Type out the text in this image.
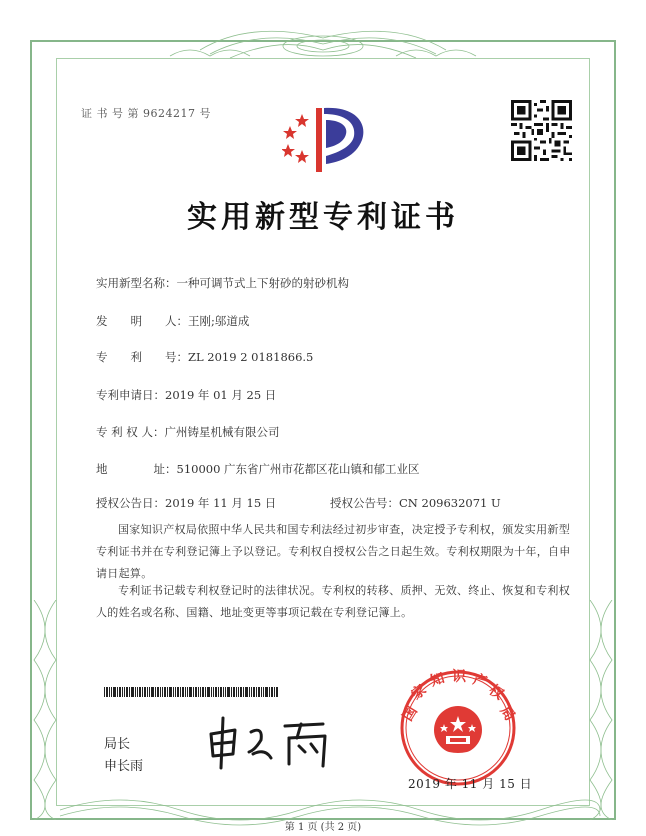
证 书 号 第 9624217 号
实用新型专利证书
实用新型名称：一种可调节式上下射砂的射砂机构
发　　明　　人：王刚;邬道成
专　　利　　号：ZL 2019 2 0181866.5
专利申请日：2019 年 01 月 25 日
专 利 权 人：广州铸星机械有限公司
地　　　　址：510000 广东省广州市花都区花山镇和郁工业区
授权公告日：2019 年 11 月 15 日	授权公告号：CN 209632071 U

国家知识产权局依照中华人民共和国专利法经过初步审查，决定授予专利权，颁发实用新型专利证书并在专利登记簿上予以登记。专利权自授权公告之日起生效。专利权期限为十年，自申请日起算。

专利证书记载专利权登记时的法律状况。专利权的转移、质押、无效、终止、恢复和专利权人的姓名或名称、国籍、地址变更等事项记载在专利登记簿上。

局长
申长雨
国
家
知 识 产
权
局
2019 年 11 月 15 日
第 1 页 (共 2 页)
